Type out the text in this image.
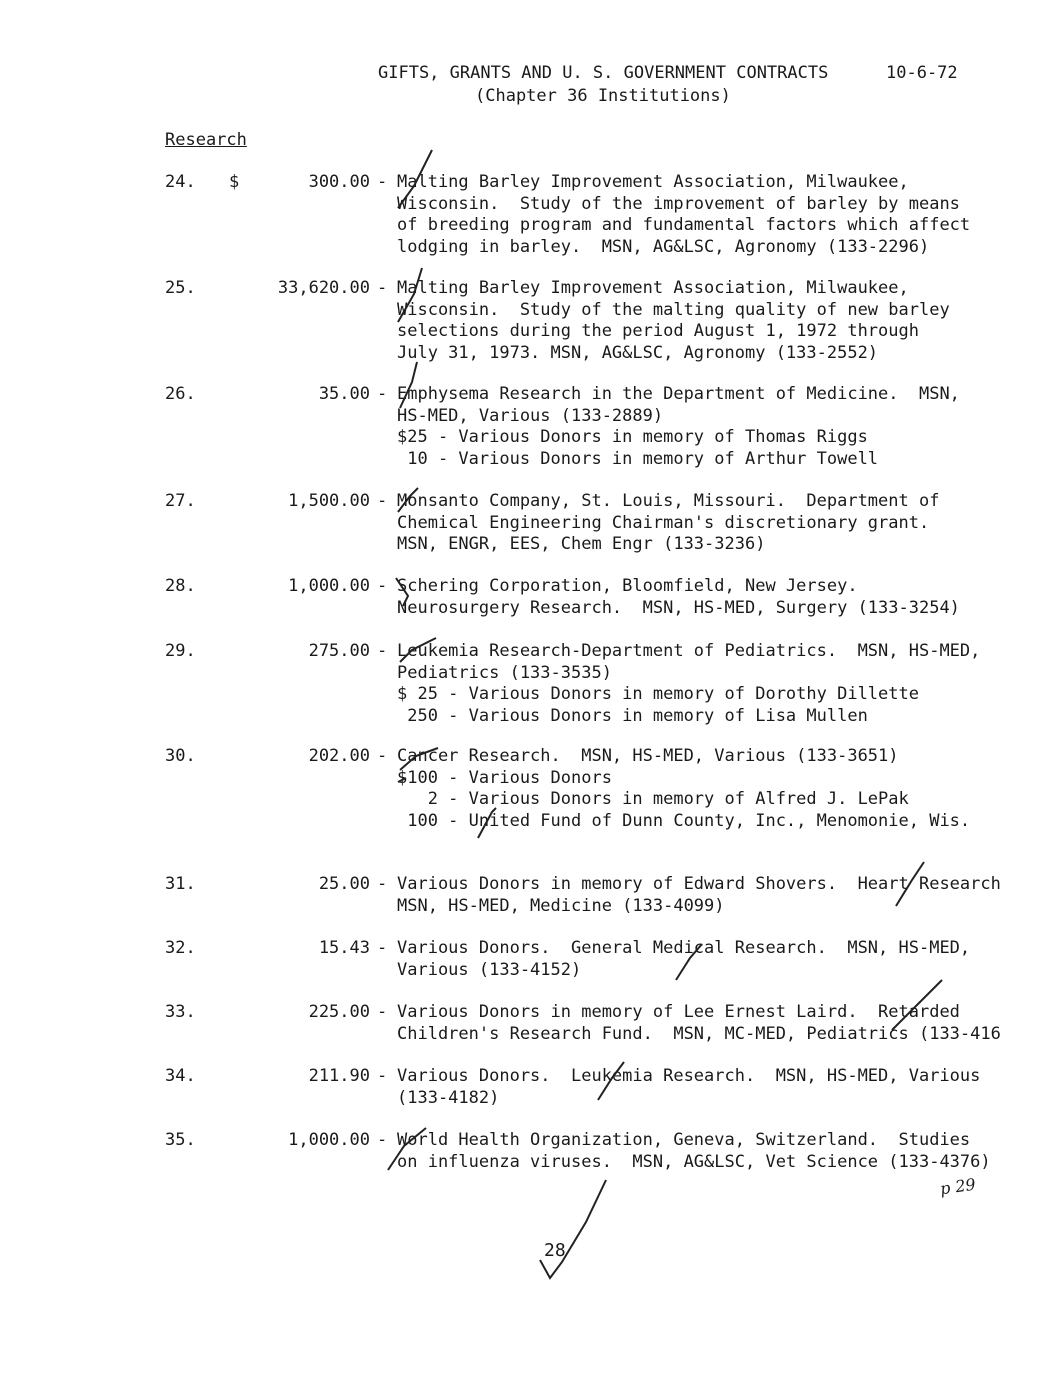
GIFTS, GRANTS AND U. S. GOVERNMENT CONTRACTS	10-6-72
(Chapter 36 Institutions)
Research
$
24.	300.00 - Malting Barley Improvement Association, Milwaukee,
Wisconsin.  Study of the improvement of barley by means
of breeding program and fundamental factors which affect
lodging in barley.  MSN, AG&LSC, Agronomy (133-2296)
25.	33,620.00 - Malting Barley Improvement Association, Milwaukee,
Wisconsin.  Study of the malting quality of new barley
selections during the period August 1, 1972 through
July 31, 1973. MSN, AG&LSC, Agronomy (133-2552)
26.	35.00 - Emphysema Research in the Department of Medicine.  MSN,
HS-MED, Various (133-2889)
$25 - Various Donors in memory of Thomas Riggs
10 - Various Donors in memory of Arthur Towell
27.	1,500.00 - Monsanto Company, St. Louis, Missouri.  Department of
Chemical Engineering Chairman's discretionary grant.
MSN, ENGR, EES, Chem Engr (133-3236)
28.	1,000.00 - Schering Corporation, Bloomfield, New Jersey.
Neurosurgery Research.  MSN, HS-MED, Surgery (133-3254)
29.	275.00 - Leukemia Research-Department of Pediatrics.  MSN, HS-MED,
Pediatrics (133-3535)
$ 25 - Various Donors in memory of Dorothy Dillette
250 - Various Donors in memory of Lisa Mullen
30.	202.00 - Cancer Research.  MSN, HS-MED, Various (133-3651)
$100 - Various Donors
2 - Various Donors in memory of Alfred J. LePak
100 - United Fund of Dunn County, Inc., Menomonie, Wis.
31.	25.00 - Various Donors in memory of Edward Shovers.  Heart Research
MSN, HS-MED, Medicine (133-4099)
32.	15.43 - Various Donors.  General Medical Research.  MSN, HS-MED,
Various (133-4152)
33.	225.00 - Various Donors in memory of Lee Ernest Laird.  Retarded
Children's Research Fund.  MSN, MC-MED, Pediatrics (133-416
34.	211.90 - Various Donors.  Leukemia Research.  MSN, HS-MED, Various
(133-4182)
35.	1,000.00 - World Health Organization, Geneva, Switzerland.  Studies
on influenza viruses.  MSN, AG&LSC, Vet Science (133-4376)
28
p 29
